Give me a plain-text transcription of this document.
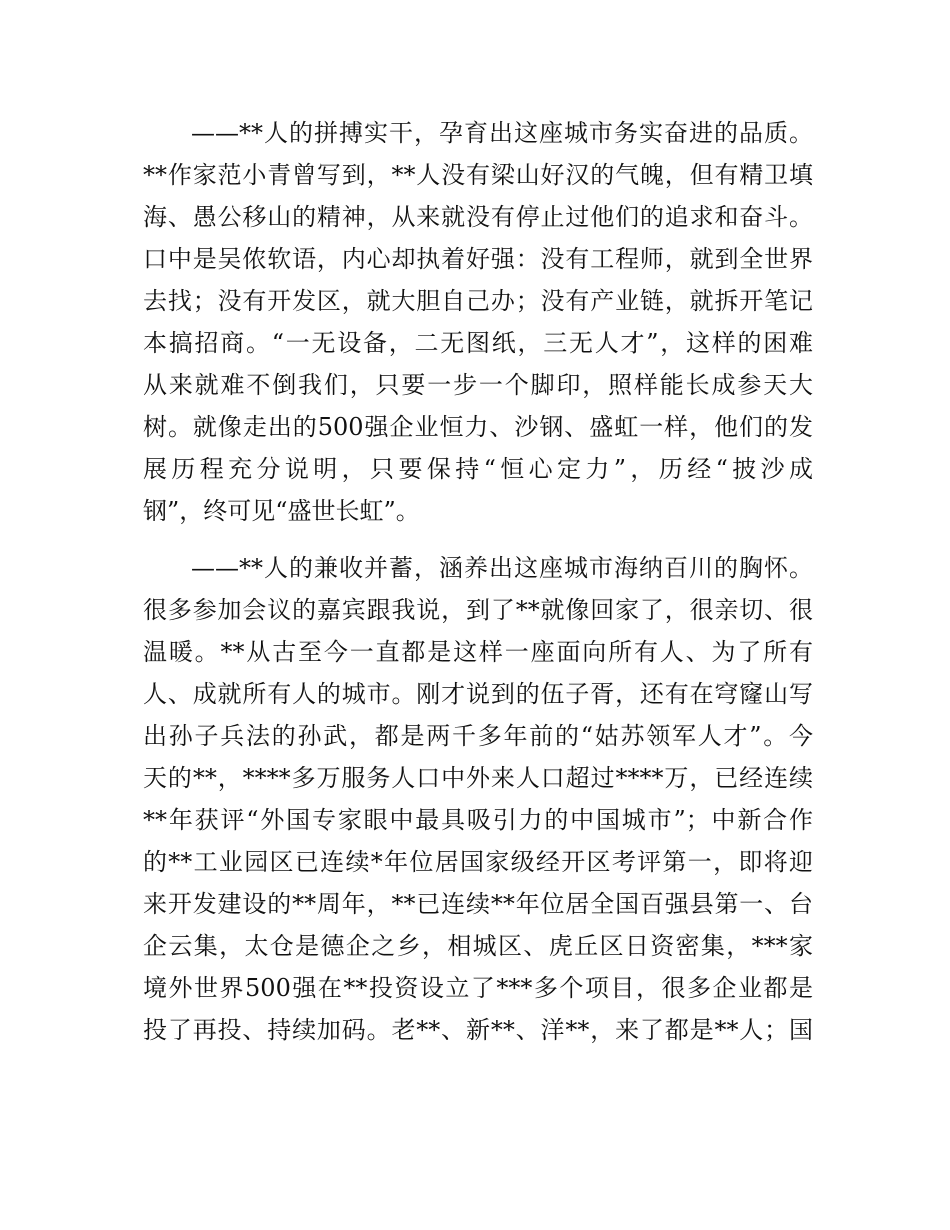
——**人的拼搏实干，孕育出这座城市务实奋进的品质。
**作家范小青曾写到，**人没有梁山好汉的气魄，但有精卫填
海、愚公移山的精神，从来就没有停止过他们的追求和奋斗。
口中是吴侬软语，内心却执着好强：没有工程师，就到全世界
去找；没有开发区，就大胆自己办；没有产业链，就拆开笔记
本搞招商。“一无设备，二无图纸，三无人才”，这样的困难
从来就难不倒我们，只要一步一个脚印，照样能长成参天大
树。就像走出的500强企业恒力、沙钢、盛虹一样，他们的发
展历程充分说明，只要保持“恒心定力”，历经“披沙成
钢”，终可见“盛世长虹”。
——**人的兼收并蓄，涵养出这座城市海纳百川的胸怀。
很多参加会议的嘉宾跟我说，到了**就像回家了，很亲切、很
温暖。**从古至今一直都是这样一座面向所有人、为了所有
人、成就所有人的城市。刚才说到的伍子胥，还有在穹窿山写
出孙子兵法的孙武，都是两千多年前的“姑苏领军人才”。今
天的**，****多万服务人口中外来人口超过****万，已经连续
**年获评“外国专家眼中最具吸引力的中国城市”；中新合作
的**工业园区已连续*年位居国家级经开区考评第一，即将迎
来开发建设的**周年，**已连续**年位居全国百强县第一、台
企云集，太仓是德企之乡，相城区、虎丘区日资密集，***家
境外世界500强在**投资设立了***多个项目，很多企业都是
投了再投、持续加码。老**、新**、洋**，来了都是**人；国
